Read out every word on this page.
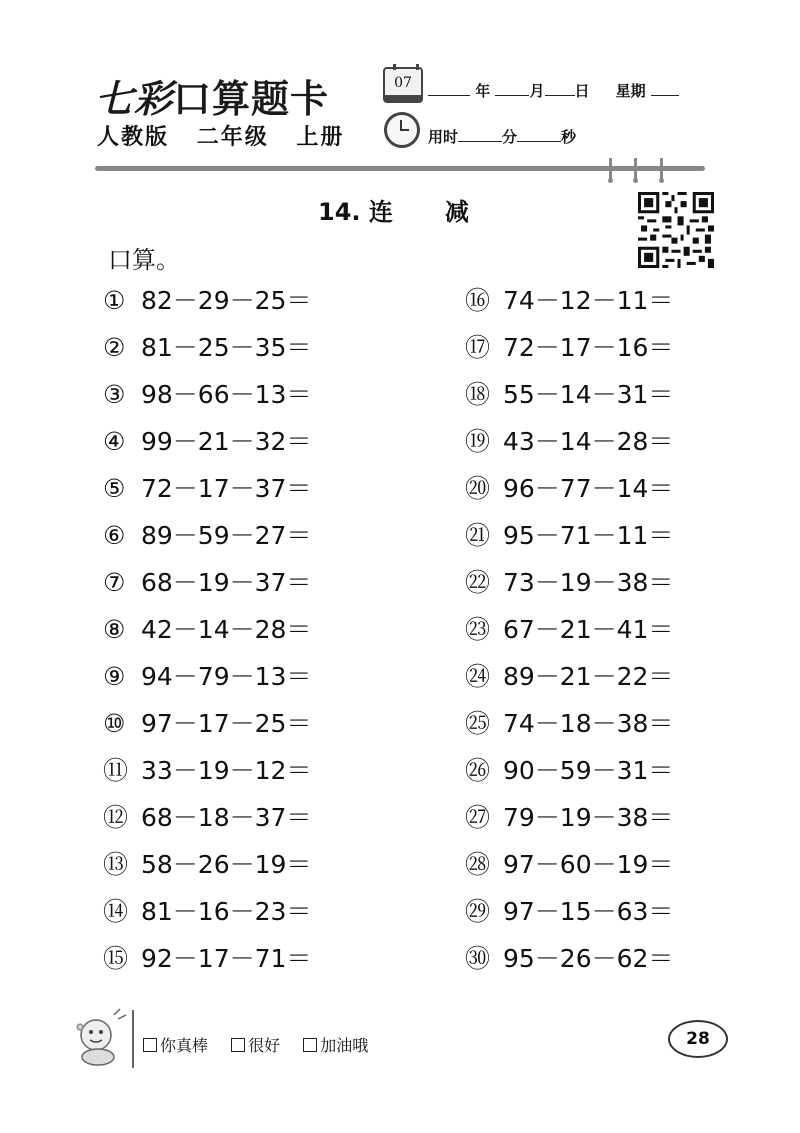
七彩口算题卡
人教版 二年级 上册
07	年	月 日 星期
用时	分	秒
14. 连 减
口算。
① 82－29－25＝
② 81－25－35＝
③ 98－66－13＝
④ 99－21－32＝
⑤ 72－17－37＝
⑥ 89－59－27＝
⑦ 68－19－37＝
⑧ 42－14－28＝
⑨ 94－79－13＝
⑩ 97－17－25＝
⑪ 33－19－12＝
⑫ 68－18－37＝
⑬ 58－26－19＝
⑭ 81－16－23＝
⑮ 92－17－71＝
⑯ 74－12－11＝
⑰ 72－17－16＝
⑱ 55－14－31＝
⑲ 43－14－28＝
⑳ 96－77－14＝
㉑ 95－71－11＝
㉒ 73－19－38＝
㉓ 67－21－41＝
㉔ 89－21－22＝
㉕ 74－18－38＝
㉖ 90－59－31＝
㉗ 79－19－38＝
㉘ 97－60－19＝
㉙ 97－15－63＝
㉚ 95－26－62＝
你真棒	很好	加油哦	28
